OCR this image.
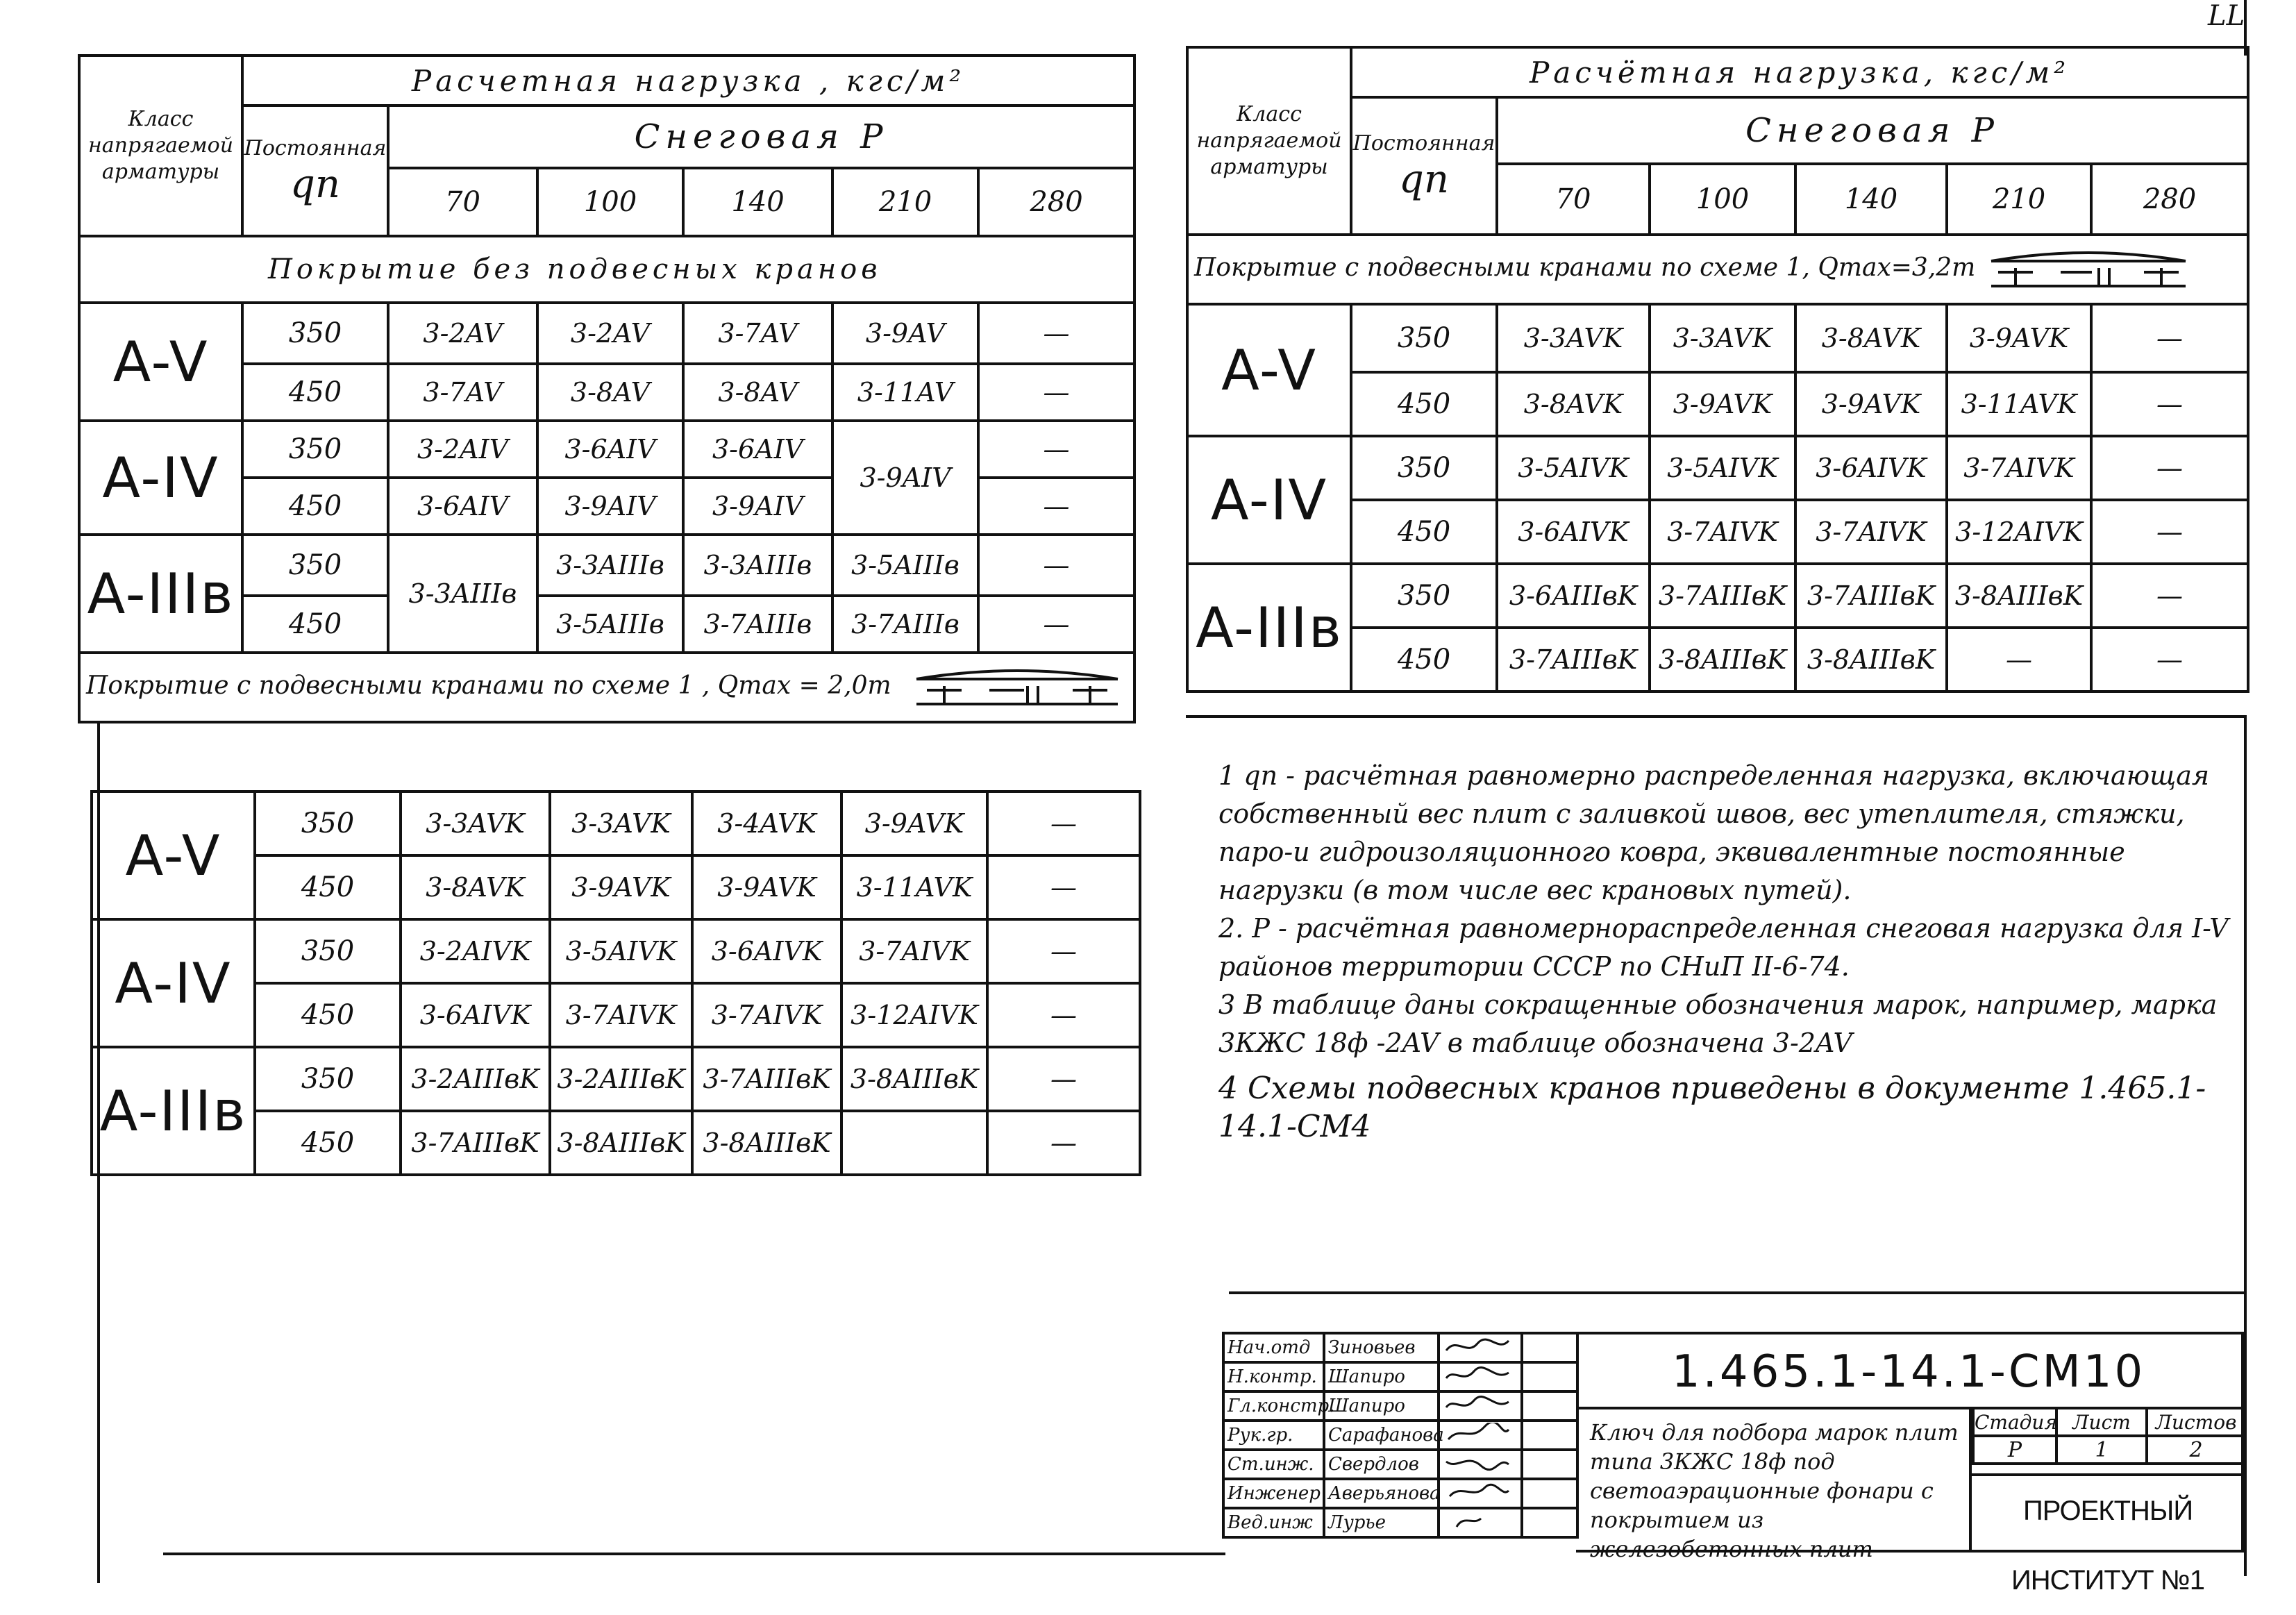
LL
Класс напрягаемой арматуры	Расчетная нагрузка , кгс/м²					

	Постоянная
qп	Снеговая P				
		70	100	140	210	280
Покрытие без подвесных кранов						
A-V	350	3-2AV	3-2AV	3-7AV	3-9AV	—
	450	3-7AV	3-8AV	3-8AV	3-11AV	—
A-IV	350	3-2AIV	3-6AIV	3-6AIV	3-9AIV	—
	450	3-6AIV	3-9AIV	3-9AIV		—
A-IIIв	350	3-3AIIIв	3-3AIIIв	3-3AIIIв	3-5AIIIв	—
	450		3-5AIIIв	3-7AIIIв	3-7AIIIв	—
Покрытие с подвесными кранами по схеме 1 , Qmax = 2,0т						
A-V	350	3-3AVK	3-3AVK	3-4AVK	3-9AVK	—
	450	3-8AVK	3-9AVK	3-9AVK	3-11AVK	—
A-IV	350	3-2AIVK	3-5AIVK	3-6AIVK	3-7AIVK	—
	450	3-6AIVK	3-7AIVK	3-7AIVK	3-12AIVK	—
A-IIIв	350	3-2AIIIвK	3-2AIIIвK	3-7AIIIвK	3-8AIIIвK	—
	450	3-7AIIIвK	3-8AIIIвK	3-8AIIIвK		—
Класс напрягаемой арматуры	Расчётная нагрузка, кгс/м²					

	Постоянная
qп	Снеговая P				
		70	100	140	210	280
Покрытие с подвесными кранами по схеме 1, Qmax=3,2т						
A-V	350	3-3AVK	3-3AVK	3-8AVK	3-9AVK	—
	450	3-8AVK	3-9AVK	3-9AVK	3-11AVK	—
A-IV	350	3-5AIVK	3-5AIVK	3-6AIVK	3-7AIVK	—
	450	3-6AIVK	3-7AIVK	3-7AIVK	3-12AIVK	—
A-IIIв	350	3-6AIIIвK	3-7AIIIвK	3-7AIIIвK	3-8AIIIвK	—
	450	3-7AIIIвK	3-8AIIIвK	3-8AIIIвK	—	—

1 qп - расчётная равномерно распределенная нагрузка, включающая собственный вес плит с заливкой швов, вес утеплителя, стяжки, паро-и гидроизоляционного ковра, эквивалентные постоянные нагрузки (в том числе вес крановых путей).

2. P - расчётная равномернораспределенная снеговая нагрузка для I-V районов территории СССР по СНиП II-6-74.

3 В таблице даны сокращенные обозначения марок, например, марка 3КЖС 18ф -2AV в таблице обозначена 3-2AV

4 Схемы подвесных кранов приведены в документе 1.465.1-14.1-СМ4

Нач.отд	Зиновьев		
Н.контр.	Шапиро		
Гл.констр.	Шапиро		
Рук.гр.	Сарафанова		
Ст.инж.	Свердлов		
Инженер	Аверьянова		
Вед.инж	Лурье		
1.465.1-14.1-СМ10
Ключ для подбора марок плит типа 3КЖС 18ф под светоаэрационные фонари с покрытием из железобетонных плит
Стадия	Лист	Листов
Р	1	2
ПРОЕКТНЫЙ ИНСТИТУТ №1
